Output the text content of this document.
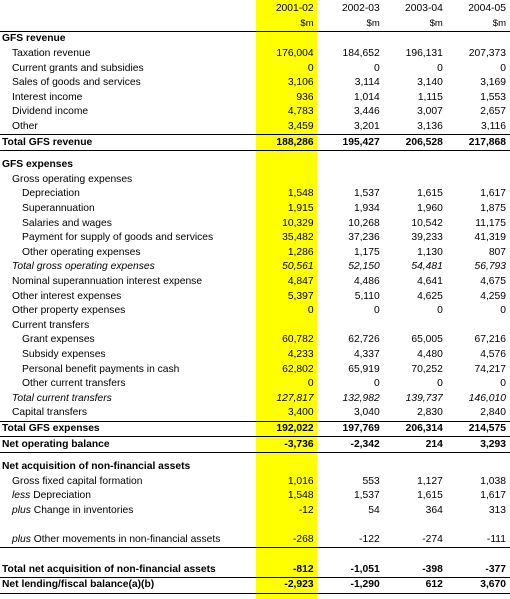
	2001-02	2002-03	2003-04	2004-05
	$m	$m	$m	$m
GFS revenue				
Taxation revenue	176,004	184,652	196,131	207,373
Current grants and subsidies	0	0	0	0
Sales of goods and services	3,106	3,114	3,140	3,169
Interest income	936	1,014	1,115	1,553
Dividend income	4,783	3,446	3,007	2,657
Other	3,459	3,201	3,136	3,116
Total GFS revenue	188,286	195,427	206,528	217,868

GFS expenses				
Gross operating expenses				
Depreciation	1,548	1,537	1,615	1,617
Superannuation	1,915	1,934	1,960	1,875
Salaries and wages	10,329	10,268	10,542	11,175
Payment for supply of goods and services	35,482	37,236	39,233	41,319
Other operating expenses	1,286	1,175	1,130	807
Total gross operating expenses	50,561	52,150	54,481	56,793
Nominal superannuation interest expense	4,847	4,486	4,641	4,675
Other interest expenses	5,397	5,110	4,625	4,259
Other property expenses	0	0	0	0
Current transfers				
Grant expenses	60,782	62,726	65,005	67,216
Subsidy expenses	4,233	4,337	4,480	4,576
Personal benefit payments in cash	62,802	65,919	70,252	74,217
Other current transfers	0	0	0	0
Total current transfers	127,817	132,982	139,737	146,010
Capital transfers	3,400	3,040	2,830	2,840
Total GFS expenses	192,022	197,769	206,314	214,575
Net operating balance	-3,736	-2,342	214	3,293

Net acquisition of non-financial assets				
Gross fixed capital formation	1,016	553	1,127	1,038
less Depreciation	1,548	1,537	1,615	1,617
plus Change in inventories	-12	54	364	313
plus Other movements in non-financial assets	-268	-122	-274	-111
Total net acquisition of non-financial assets	-812	-1,051	-398	-377
Net lending/fiscal balance(a)(b)	-2,923	-1,290	612	3,670
